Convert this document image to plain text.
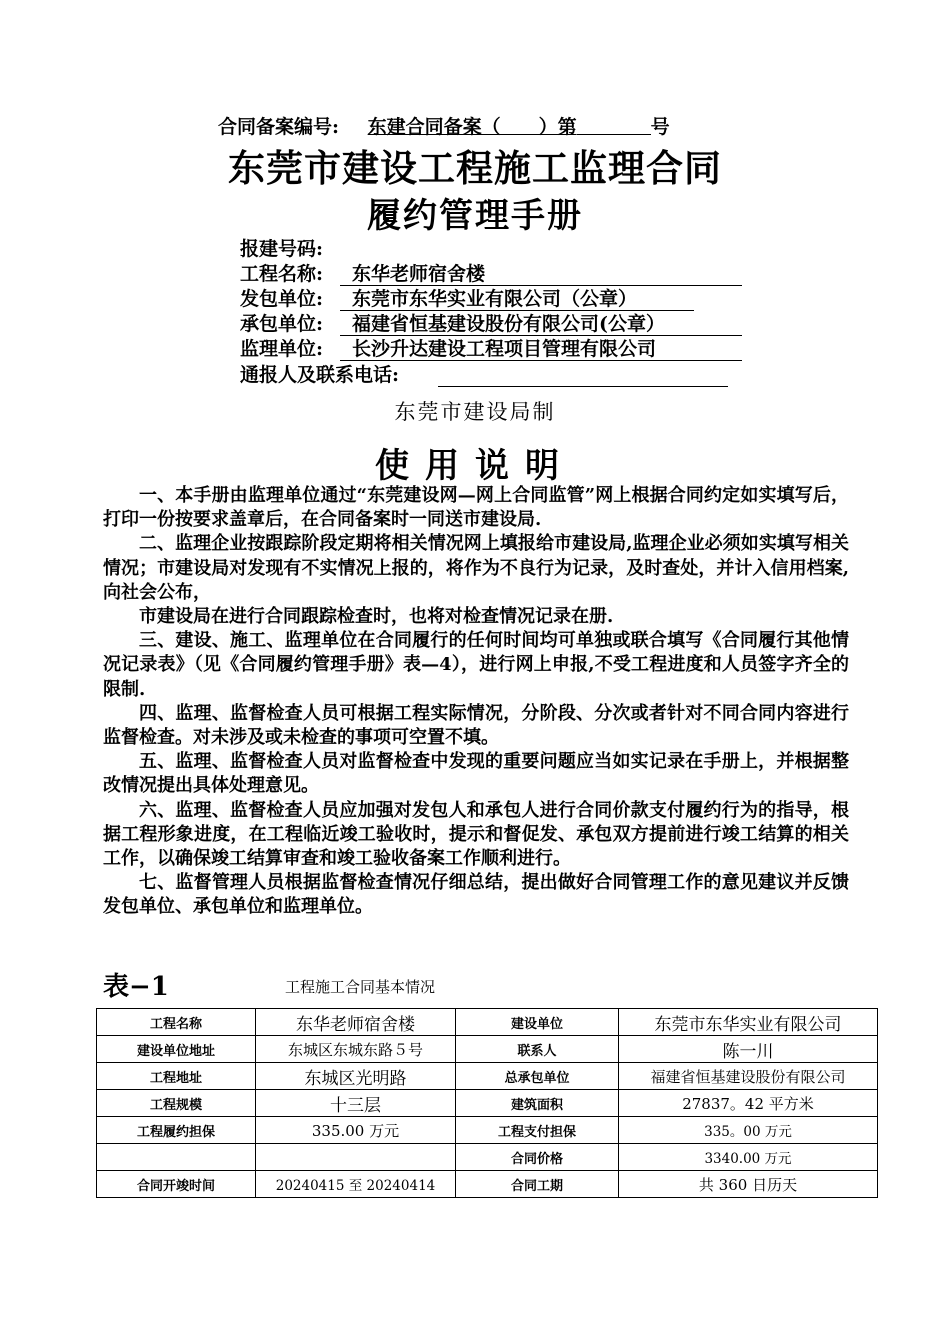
合同备案编号: 东建合同备案（　　）第	号
东莞市建设工程施工监理合同
履约管理手册
报建号码:
工程名称:	东华老师宿舍楼
发包单位:	东莞市东华实业有限公司（公章）
承包单位:	福建省恒基建设股份有限公司(公章）
监理单位:	长沙升达建设工程项目管理有限公司
通报人及联系电话:
东莞市建设局制
使用说明

一、本手册由监理单位通过“东莞建设网—网上合同监管”网上根据合同约定如实填写后，打印一份按要求盖章后，在合同备案时一同送市建设局.

二、监理企业按跟踪阶段定期将相关情况网上填报给市建设局,监理企业必须如实填写相关情况；市建设局对发现有不实情况上报的，将作为不良行为记录，及时查处，并计入信用档案,向社会公布，

市建设局在进行合同跟踪检查时，也将对检查情况记录在册.

三、建设、施工、监理单位在合同履行的任何时间均可单独或联合填写《合同履行其他情况记录表》（见《合同履约管理手册》表—4），进行网上申报,不受工程进度和人员签字齐全的限制.

四、监理、监督检查人员可根据工程实际情况，分阶段、分次或者针对不同合同内容进行监督检查。对未涉及或未检查的事项可空置不填。

五、监理、监督检查人员对监督检查中发现的重要问题应当如实记录在手册上，并根据整改情况提出具体处理意见。

六、监理、监督检查人员应加强对发包人和承包人进行合同价款支付履约行为的指导，根据工程形象进度，在工程临近竣工验收时，提示和督促发、承包双方提前进行竣工结算的相关工作，以确保竣工结算审查和竣工验收备案工作顺利进行。

七、监督管理人员根据监督检查情况仔细总结，提出做好合同管理工作的意见建议并反馈发包单位、承包单位和监理单位。

表−1	工程施工合同基本情况
工程名称	东华老师宿舍楼	建设单位	东莞市东华实业有限公司
建设单位地址	东城区东城东路５号	联系人	陈一川
工程地址	东城区光明路	总承包单位	福建省恒基建设股份有限公司
工程规模	十三层	建筑面积	27837。42 平方米
工程履约担保	335.00 万元	工程支付担保	335。00 万元
		合同价格	3340.00 万元
合同开竣时间	20240415 至 20240414	合同工期	共 360 日历天
